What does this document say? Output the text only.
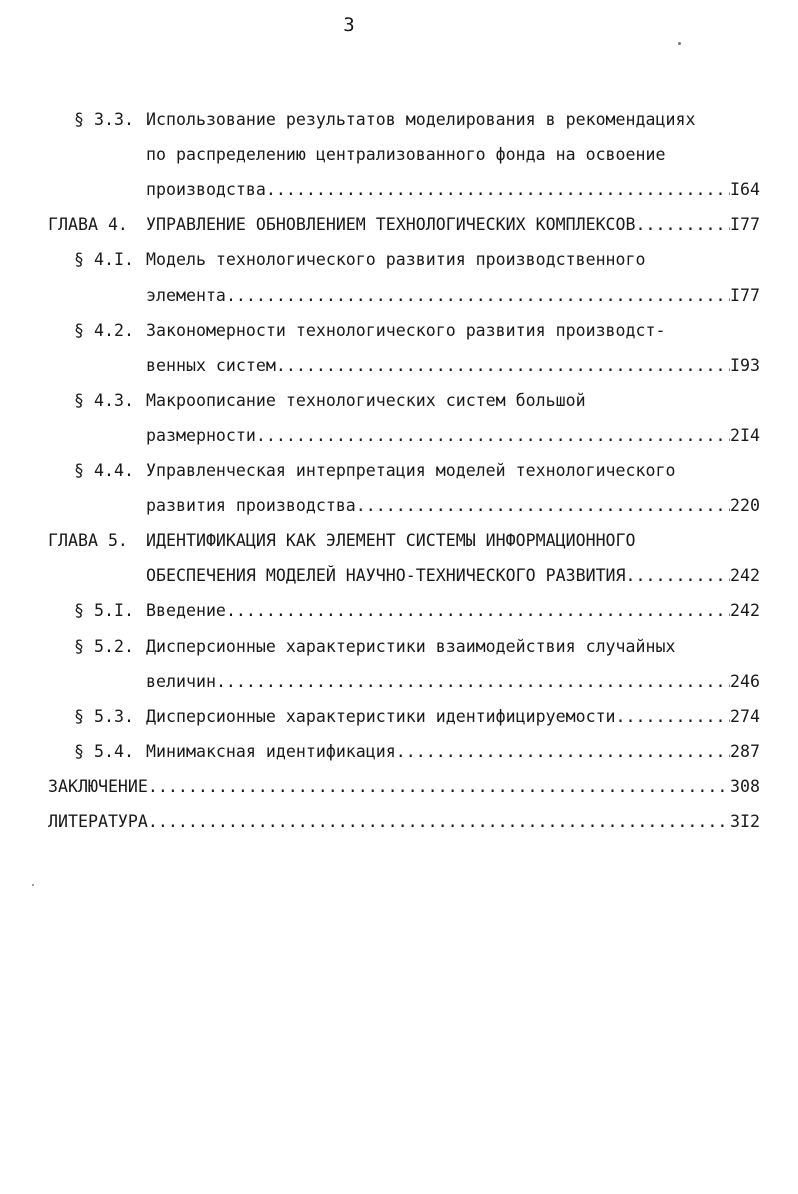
3
§ 3.3. Использование результатов моделирования в рекомендациях
по распределению централизованного фонда на освоение
производства .....	I64
ГЛАВА 4. УПРАВЛЕНИЕ ОБНОВЛЕНИЕМ ТЕХНОЛОГИЧЕСКИХ КОМПЛЕКСОВ .....	I77
§ 4.I. Модель технологического развития производственного
элемента .....	I77
§ 4.2. Закономерности технологического развития производст-
венных систем .....	I93
§ 4.3. Макроописание технологических систем большой
размерности .....	2I4
§ 4.4. Управленческая интерпретация моделей технологического
развития производства .....	220
ГЛАВА 5. ИДЕНТИФИКАЦИЯ КАК ЭЛЕМЕНТ СИСТЕМЫ ИНФОРМАЦИОННОГО
ОБЕСПЕЧЕНИЯ МОДЕЛЕЙ НАУЧНО-ТЕХНИЧЕСКОГО РАЗВИТИЯ .....	242
§ 5.I. Введение .....	242
§ 5.2. Дисперсионные характеристики взаимодействия случайных
величин .....	246
§ 5.3. Дисперсионные характеристики идентифицируемости .....	274
§ 5.4. Минимаксная идентификация .....	287
ЗАКЛЮЧЕНИЕ .....	308
ЛИТЕРАТУРА .....	3I2
